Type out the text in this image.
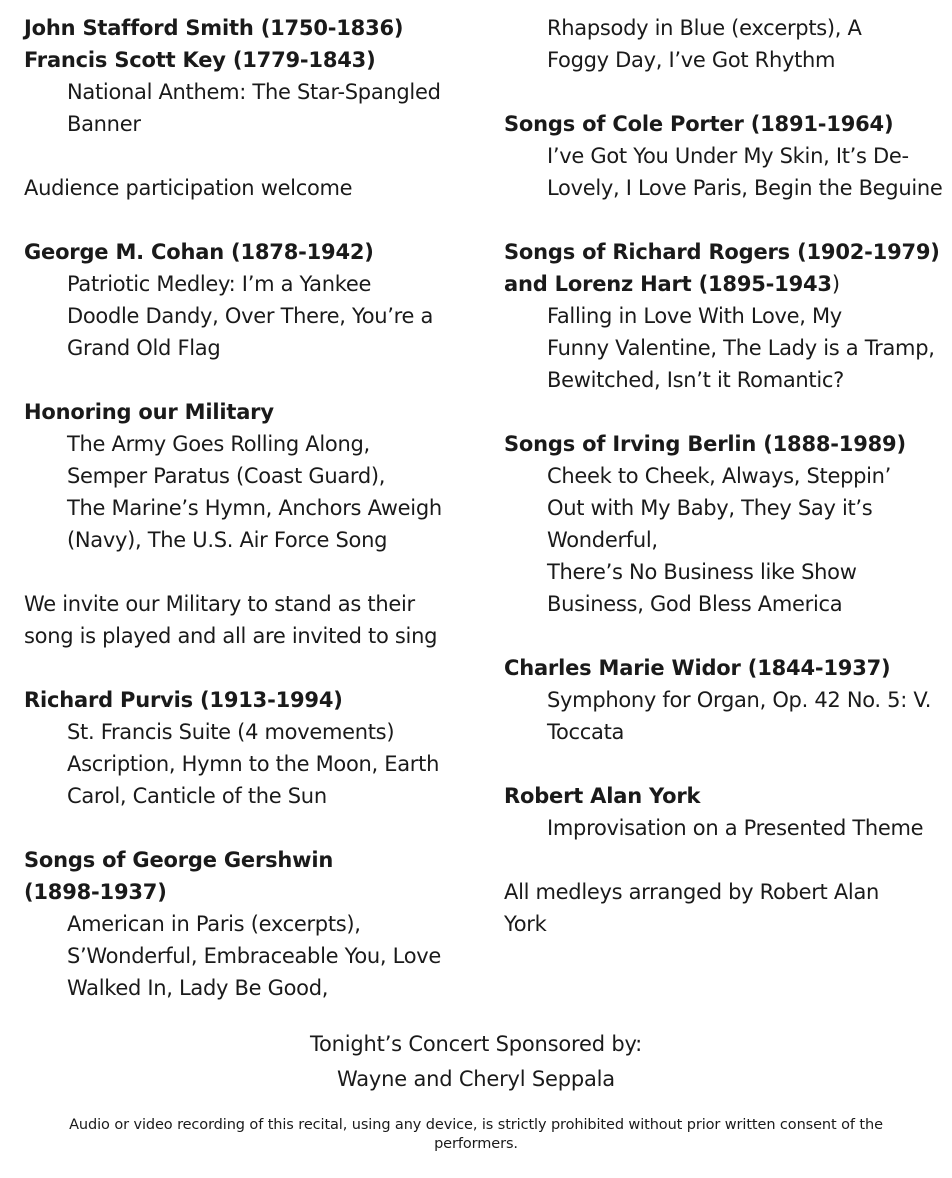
John Stafford Smith (1750-1836)
Francis Scott Key (1779-1843)
National Anthem: The Star-Spangled
Banner
Audience participation welcome
George M. Cohan (1878-1942)
Patriotic Medley: I’m a Yankee
Doodle Dandy, Over There, You’re a
Grand Old Flag
Honoring our Military
The Army Goes Rolling Along,
Semper Paratus (Coast Guard),
The Marine’s Hymn, Anchors Aweigh
(Navy), The U.S. Air Force Song
We invite our Military to stand as their
song is played and all are invited to sing
Richard Purvis (1913-1994)
St. Francis Suite (4 movements)
Ascription, Hymn to the Moon, Earth
Carol, Canticle of the Sun
Songs of George Gershwin
(1898-1937)
American in Paris (excerpts),
S’Wonderful, Embraceable You, Love
Walked In, Lady Be Good,
Rhapsody in Blue (excerpts), A
Foggy Day, I’ve Got Rhythm
Songs of Cole Porter (1891-1964)
I’ve Got You Under My Skin, It’s De-
Lovely, I Love Paris, Begin the Beguine
Songs of Richard Rogers (1902-1979)
and Lorenz Hart (1895-1943)
Falling in Love With Love, My
Funny Valentine, The Lady is a Tramp,
Bewitched, Isn’t it Romantic?
Songs of Irving Berlin (1888-1989)
Cheek to Cheek, Always, Steppin’
Out with My Baby, They Say it’s
Wonderful,
There’s No Business like Show
Business, God Bless America
Charles Marie Widor (1844-1937)
Symphony for Organ, Op. 42 No. 5: V.
Toccata
Robert Alan York
Improvisation on a Presented Theme
All medleys arranged by Robert Alan
York
Tonight’s Concert Sponsored by:
Wayne and Cheryl Seppala
Audio or video recording of this recital, using any device, is strictly prohibited without prior written consent of the performers.
